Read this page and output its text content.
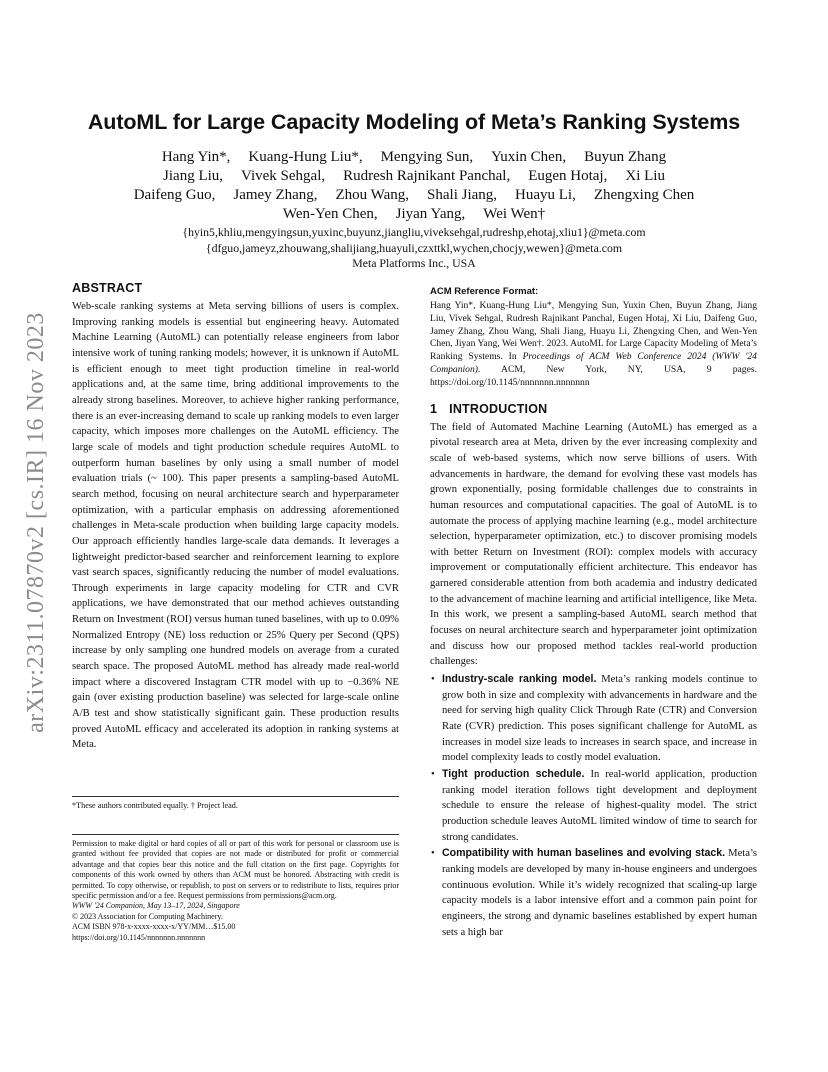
arXiv:2311.07870v2 [cs.IR] 16 Nov 2023
AutoML for Large Capacity Modeling of Meta’s Ranking Systems
Hang Yin*, Kuang-Hung Liu*, Mengying Sun, Yuxin Chen, Buyun Zhang
Jiang Liu, Vivek Sehgal, Rudresh Rajnikant Panchal, Eugen Hotaj, Xi Liu
Daifeng Guo, Jamey Zhang, Zhou Wang, Shali Jiang, Huayu Li, Zhengxing Chen
Wen-Yen Chen, Jiyan Yang, Wei Wen†
{hyin5,khliu,mengyingsun,yuxinc,buyunz,jiangliu,viveksehgal,rudreshp,ehotaj,xliu1}@meta.com
{dfguo,jameyz,zhouwang,shalijiang,huayuli,czxttkl,wychen,chocjy,wewen}@meta.com
Meta Platforms Inc., USA
ABSTRACT

Web-scale ranking systems at Meta serving billions of users is complex. Improving ranking models is essential but engineering heavy. Automated Machine Learning (AutoML) can potentially release engineers from labor intensive work of tuning ranking models; however, it is unknown if AutoML is efficient enough to meet tight production timeline in real-world applications and, at the same time, bring additional improvements to the already strong baselines. Moreover, to achieve higher ranking performance, there is an ever-increasing demand to scale up ranking models to even larger capacity, which imposes more challenges on the AutoML efficiency. The large scale of models and tight production schedule requires AutoML to outperform human baselines by only using a small number of model evaluation trials (~ 100). This paper presents a sampling-based AutoML search method, focusing on neural architecture search and hyperparameter optimization, with a particular emphasis on addressing aforementioned challenges in Meta-scale production when building large capacity models. Our approach efficiently handles large-scale data demands. It leverages a lightweight predictor-based searcher and reinforcement learning to explore vast search spaces, significantly reducing the number of model evaluations. Through experiments in large capacity modeling for CTR and CVR applications, we have demonstrated that our method achieves outstanding Return on Investment (ROI) versus human tuned baselines, with up to 0.09% Normalized Entropy (NE) loss reduction or 25% Query per Second (QPS) increase by only sampling one hundred models on average from a curated search space. The proposed AutoML method has already made real-world impact where a discovered Instagram CTR model with up to −0.36% NE gain (over existing production baseline) was selected for large-scale online A/B test and show statistically significant gain. These production results proved AutoML efficacy and accelerated its adoption in ranking systems at Meta.

*These authors contributed equally. † Project lead.
Permission to make digital or hard copies of all or part of this work for personal or classroom use is granted without fee provided that copies are not made or distributed for profit or commercial advantage and that copies bear this notice and the full citation on the first page. Copyrights for components of this work owned by others than ACM must be honored. Abstracting with credit is permitted. To copy otherwise, or republish, to post on servers or to redistribute to lists, requires prior specific permission and/or a fee. Request permissions from permissions@acm.org.
WWW '24 Companion, May 13–17, 2024, Singapore
© 2023 Association for Computing Machinery.
ACM ISBN 978-x-xxxx-xxxx-x/YY/MM…$15.00
https://doi.org/10.1145/nnnnnnn.nnnnnnn
ACM Reference Format:

Hang Yin*, Kuang-Hung Liu*, Mengying Sun, Yuxin Chen, Buyun Zhang, Jiang Liu, Vivek Sehgal, Rudresh Rajnikant Panchal, Eugen Hotaj, Xi Liu, Daifeng Guo, Jamey Zhang, Zhou Wang, Shali Jiang, Huayu Li, Zhengxing Chen, and Wen-Yen Chen, Jiyan Yang, Wei Wen†. 2023. AutoML for Large Capacity Modeling of Meta’s Ranking Systems. In Proceedings of ACM Web Conference 2024 (WWW '24 Companion). ACM, New York, NY, USA, 9 pages. https://doi.org/10.1145/nnnnnnn.nnnnnnn

1 INTRODUCTION

The field of Automated Machine Learning (AutoML) has emerged as a pivotal research area at Meta, driven by the ever increasing complexity and scale of web-based systems, which now serve billions of users. With advancements in hardware, the demand for evolving these vast models has grown exponentially, posing formidable challenges due to constraints in human resources and computational capacities. The goal of AutoML is to automate the process of applying machine learning (e.g., model architecture selection, hyperparameter optimization, etc.) to discover promising models with better Return on Investment (ROI): complex models with accuracy improvement or computationally efficient architecture. This endeavor has garnered considerable attention from both academia and industry dedicated to the advancement of machine learning and artificial intelligence, like Meta. In this work, we present a sampling-based AutoML search method that focuses on neural architecture search and hyperparameter joint optimization and discuss how our proposed method tackles real-world production challenges:

• Industry-scale ranking model. Meta’s ranking models continue to grow both in size and complexity with advancements in hardware and the need for serving high quality Click Through Rate (CTR) and Conversion Rate (CVR) prediction. This poses significant challenge for AutoML as increases in model size leads to increases in search space, and increase in model complexity leads to costly model evaluation.
• Tight production schedule. In real-world application, production ranking model iteration follows tight development and deployment schedule to ensure the release of highest-quality model. The strict production schedule leaves AutoML limited window of time to search for strong candidates.
• Compatibility with human baselines and evolving stack. Meta’s ranking models are developed by many in-house engineers and undergoes continuous evolution. While it’s widely recognized that scaling-up large capacity models is a labor intensive effort and a common pain point for engineers, the strong and dynamic baselines established by expert human sets a high bar
